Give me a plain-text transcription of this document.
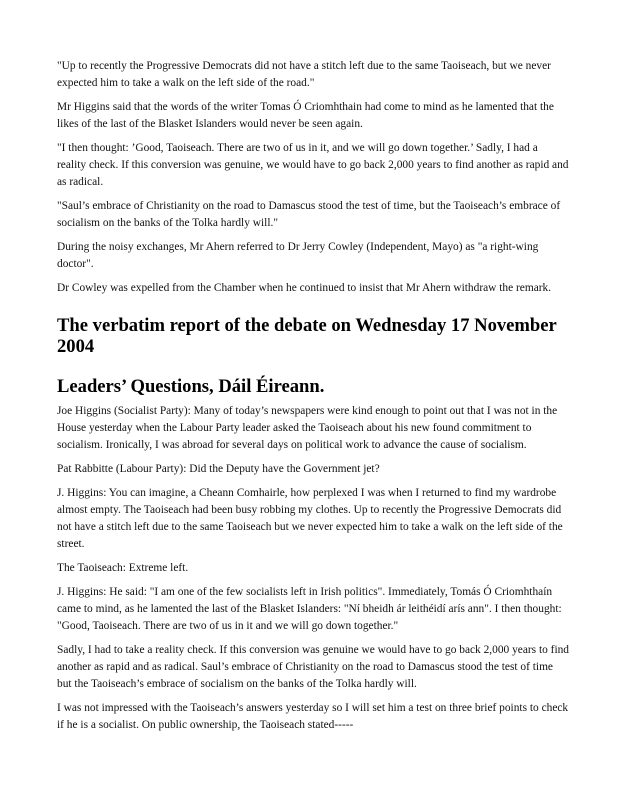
"Up to recently the Progressive Democrats did not have a stitch left due to the same Taoiseach, but we never expected him to take a walk on the left side of the road."

Mr Higgins said that the words of the writer Tomas Ó Criomhthain had come to mind as he lamented that the likes of the last of the Blasket Islanders would never be seen again.

"I then thought: ’Good, Taoiseach. There are two of us in it, and we will go down together.’ Sadly, I had a reality check. If this conversion was genuine, we would have to go back 2,000 years to find another as rapid and as radical.

"Saul’s embrace of Christianity on the road to Damascus stood the test of time, but the Taoiseach’s embrace of socialism on the banks of the Tolka hardly will."

During the noisy exchanges, Mr Ahern referred to Dr Jerry Cowley (Independent, Mayo) as "a right-wing doctor".

Dr Cowley was expelled from the Chamber when he continued to insist that Mr Ahern withdraw the remark.

The verbatim report of the debate on Wednesday 17 November 2004
Leaders’ Questions, Dáil Éireann.

Joe Higgins (Socialist Party): Many of today’s newspapers were kind enough to point out that I was not in the House yesterday when the Labour Party leader asked the Taoiseach about his new found commitment to socialism. Ironically, I was abroad for several days on political work to advance the cause of socialism.

Pat Rabbitte (Labour Party): Did the Deputy have the Government jet?

J. Higgins: You can imagine, a Cheann Comhairle, how perplexed I was when I returned to find my wardrobe almost empty. The Taoiseach had been busy robbing my clothes. Up to recently the Progressive Democrats did not have a stitch left due to the same Taoiseach but we never expected him to take a walk on the left side of the street.

The Taoiseach: Extreme left.

J. Higgins: He said: "I am one of the few socialists left in Irish politics". Immediately, Tomás Ó Criomhthaín came to mind, as he lamented the last of the Blasket Islanders: "Ní bheidh ár leithéidí arís ann". I then thought: "Good, Taoiseach. There are two of us in it and we will go down together."

Sadly, I had to take a reality check. If this conversion was genuine we would have to go back 2,000 years to find another as rapid and as radical. Saul’s embrace of Christianity on the road to Damascus stood the test of time but the Taoiseach’s embrace of socialism on the banks of the Tolka hardly will.

I was not impressed with the Taoiseach’s answers yesterday so I will set him a test on three brief points to check if he is a socialist. On public ownership, the Taoiseach stated-----
